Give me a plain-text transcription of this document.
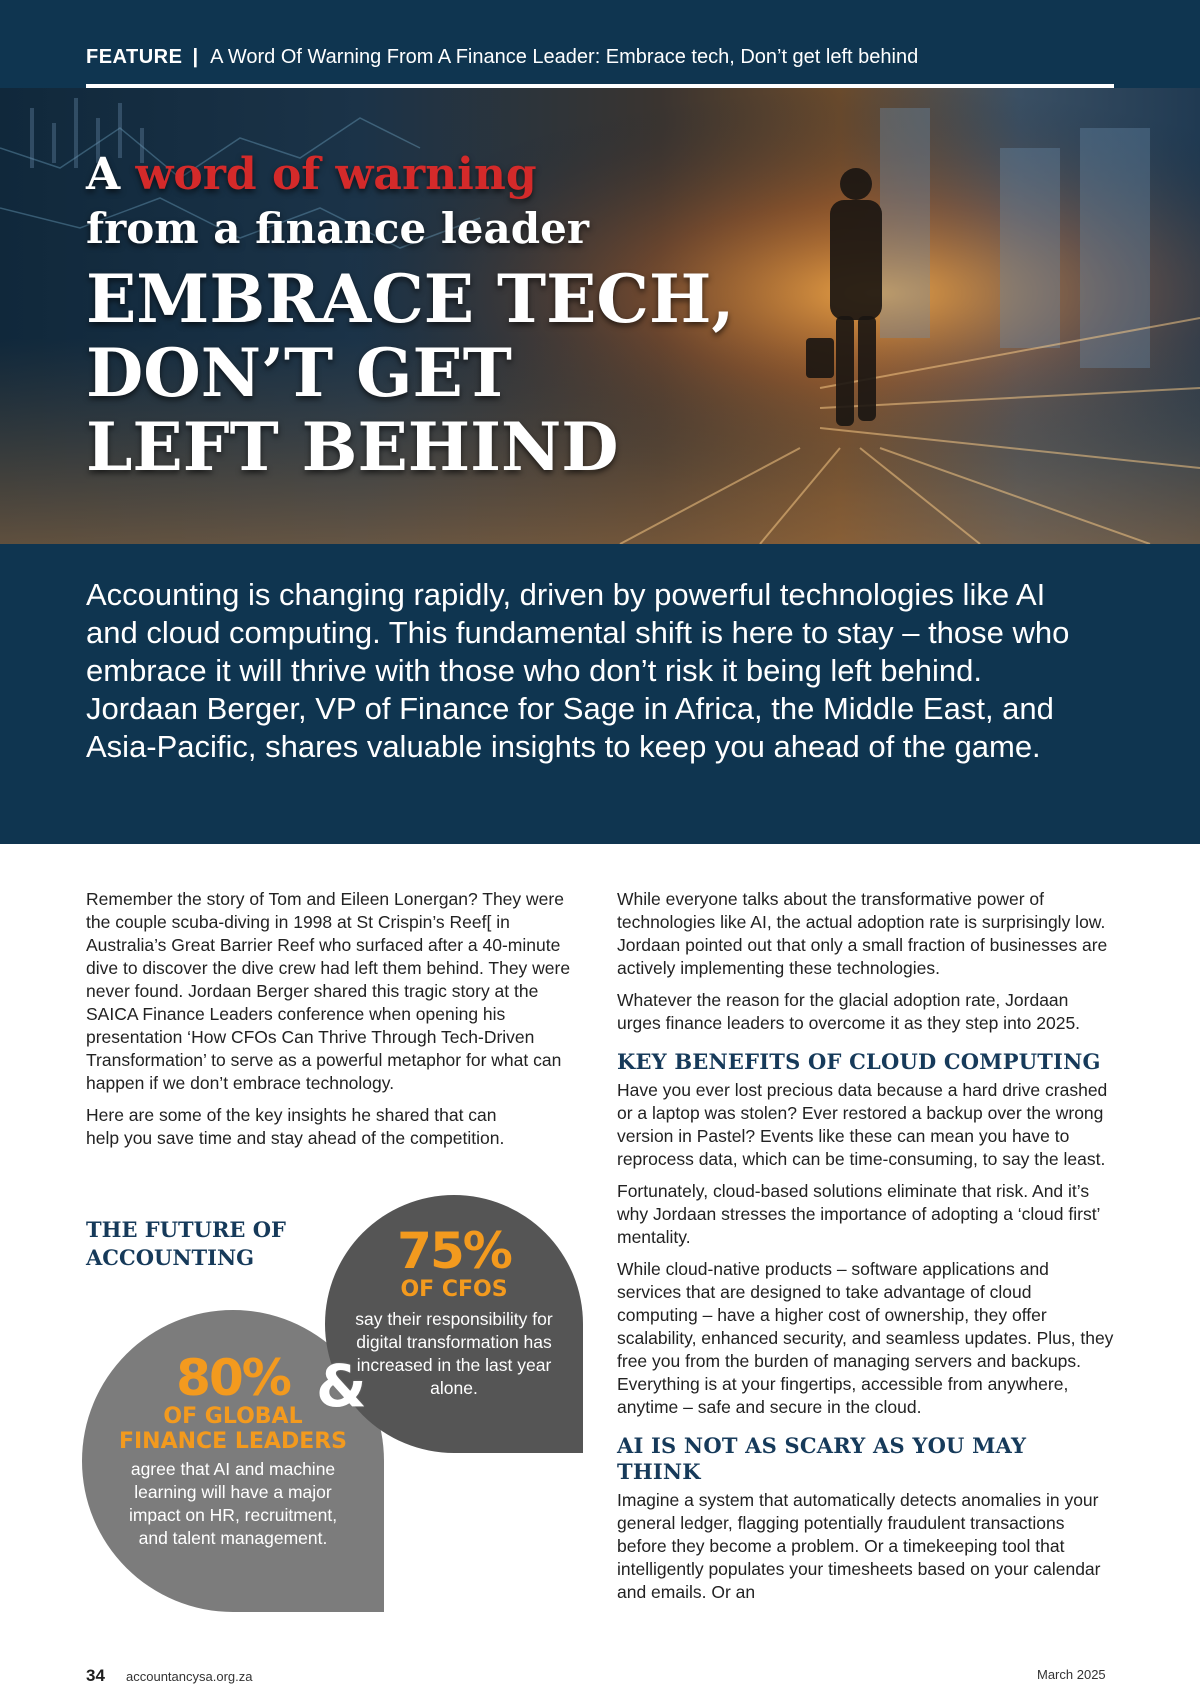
FEATURE | A Word Of Warning From A Finance Leader: Embrace tech, Don’t get left behind
A word of warning
from a finance leader
EMBRACE TECH,
DON’T GET
LEFT BEHIND

Accounting is changing rapidly, driven by powerful technologies like AI and cloud computing. This fundamental shift is here to stay – those who embrace it will thrive with those who don’t risk it being left behind. Jordaan Berger, VP of Finance for Sage in Africa, the Middle East, and Asia-Pacific, shares valuable insights to keep you ahead of the game.

Remember the story of Tom and Eileen Lonergan? They were the couple scuba-diving in 1998 at St Crispin’s Reef[ in Australia’s Great Barrier Reef who surfaced after a 40-minute dive to discover the dive crew had left them behind. They were never found. Jordaan Berger shared this tragic story at the SAICA Finance Leaders conference when opening his presentation ‘How CFOs Can Thrive Through Tech-Driven Transformation’ to serve as a powerful metaphor for what can happen if we don’t embrace technology.

Here are some of the key insights he shared that can help you save time and stay ahead of the competition.

THE FUTURE OF ACCOUNTING
80%
OF GLOBAL FINANCE LEADERS
agree that AI and machine learning will have a major impact on HR, recruitment, and talent management.
75%
OF CFOS
say their responsibility for digital transformation has increased in the last year alone.
&

While everyone talks about the transformative power of technologies like AI, the actual adoption rate is surprisingly low. Jordaan pointed out that only a small fraction of businesses are actively implementing these technologies.

Whatever the reason for the glacial adoption rate, Jordaan urges finance leaders to overcome it as they step into 2025.

KEY BENEFITS OF CLOUD COMPUTING

Have you ever lost precious data because a hard drive crashed or a laptop was stolen? Ever restored a backup over the wrong version in Pastel? Events like these can mean you have to reprocess data, which can be time-consuming, to say the least.

Fortunately, cloud-based solutions eliminate that risk. And it’s why Jordaan stresses the importance of adopting a ‘cloud first’ mentality.

While cloud-native products – software applications and services that are designed to take advantage of cloud computing – have a higher cost of ownership, they offer scalability, enhanced security, and seamless updates. Plus, they free you from the burden of managing servers and backups. Everything is at your fingertips, accessible from anywhere, anytime – safe and secure in the cloud.

AI IS NOT AS SCARY AS YOU MAY THINK

Imagine a system that automatically detects anomalies in your general ledger, flagging potentially fraudulent transactions before they become a problem. Or a timekeeping tool that intelligently populates your timesheets based on your calendar and emails. Or an

34 accountancysa.org.za	March 2025
